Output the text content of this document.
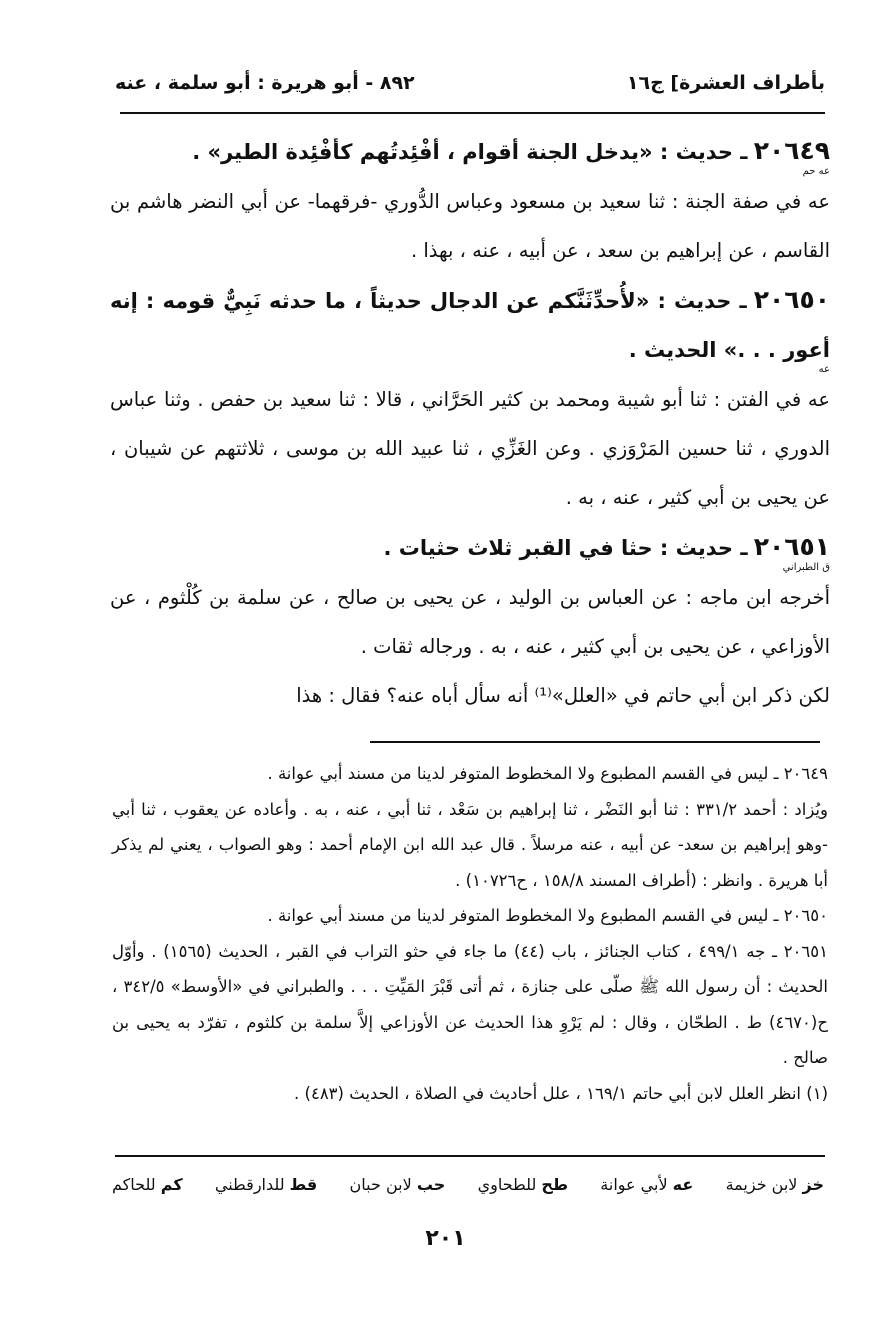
بأطراف العشرة] ج١٦
٨٩٢ - أبو هريرة : أبو سلمة ، عنه

٢٠٦٤٩ ـ حديث : «يدخل الجنة أقوام ، أفْئِدتُهم كأفْئِدة الطير» .

عه حم

عه في صفة الجنة : ثنا سعيد بن مسعود وعباس الدُّوري -فرقهما- عن أبي النضر هاشم بن القاسم ، عن إبراهيم بن سعد ، عن أبيه ، عنه ، بهذا .

٢٠٦٥٠ ـ حديث : «لأُحدِّثَنَّكم عن الدجال حديثاً ، ما حدثه نَبِيٌّ قومه : إنه أعور . . .» الحديث .

عه

عه في الفتن : ثنا أبو شيبة ومحمد بن كثير الحَرَّاني ، قالا : ثنا سعيد بن حفص . وثنا عباس الدوري ، ثنا حسين المَرْوَزي . وعن الغَزِّي ، ثنا عبيد الله بن موسى ، ثلاثتهم عن شيبان ، عن يحيى بن أبي كثير ، عنه ، به .

٢٠٦٥١ ـ حديث : حثا في القبر ثلاث حثيات .

ق الطبراني

أخرجه ابن ماجه : عن العباس بن الوليد ، عن يحيى بن صالح ، عن سلمة بن كُلْثوم ، عن الأوزاعي ، عن يحيى بن أبي كثير ، عنه ، به . ورجاله ثقات .

لكن ذكر ابن أبي حاتم في «العلل»⁽¹⁾ أنه سأل أباه عنه؟ فقال : هذا

٢٠٦٤٩ ـ ليس في القسم المطبوع ولا المخطوط المتوفر لدينا من مسند أبي عوانة .

ويُزاد : أحمد ٣٣١/٢ : ثنا أبو النَضْر ، ثنا إبراهيم بن سَعْد ، ثنا أبي ، عنه ، به . وأعاده عن يعقوب ، ثنا أبي -وهو إبراهيم بن سعد- عن أبيه ، عنه مرسلاً . قال عبد الله ابن الإمام أحمد : وهو الصواب ، يعني لم يذكر أبا هريرة . وانظر : (أطراف المسند ١٥٨/٨ ، ح١٠٧٢٦) .

٢٠٦٥٠ ـ ليس في القسم المطبوع ولا المخطوط المتوفر لدينا من مسند أبي عوانة .

٢٠٦٥١ ـ جه ٤٩٩/١ ، كتاب الجنائز ، باب (٤٤) ما جاء في حثو التراب في القبر ، الحديث (١٥٦٥) . وأوّل الحديث : أن رسول الله ﷺ صلّى على جنازة ، ثم أتى قَبْرَ المَيِّتِ . . . والطبراني في «الأوسط» ٣٤٢/٥ ، ح(٤٦٧٠) ط . الطحّان ، وقال : لم يَرْوِ هذا الحديث عن الأوزاعي إلاَّ سلمة بن كلثوم ، تفرّد به يحيى بن صالح .

(١) انظر العلل لابن أبي حاتم ١٦٩/١ ، علل أحاديث في الصلاة ، الحديث (٤٨٣) .

خز لابن خزيمة
عه لأبي عوانة
طح للطحاوي
حب لابن حبان
قط للدارقطني
كم للحاكم
٢٠١
